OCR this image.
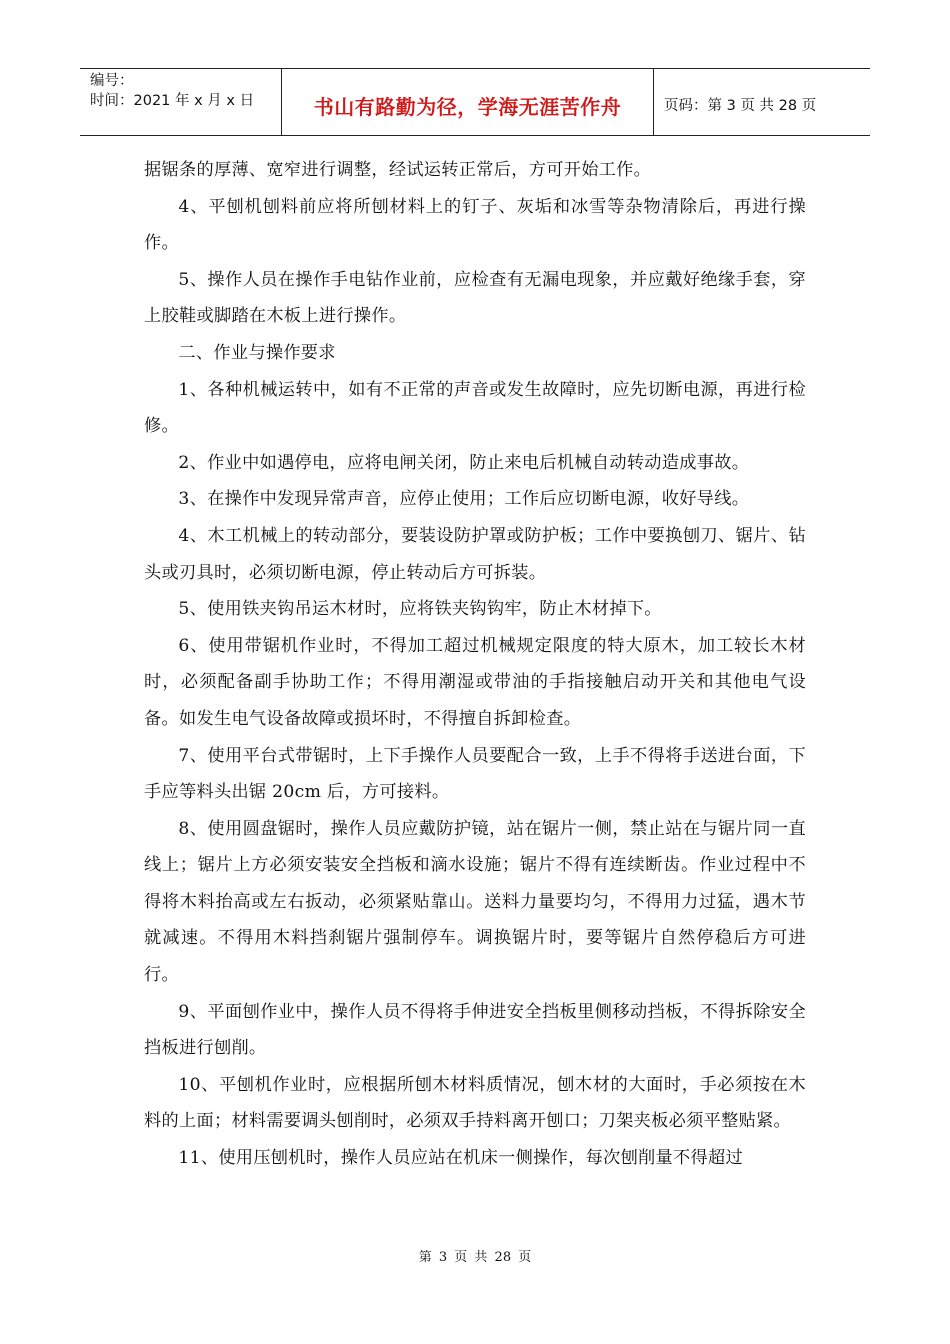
编号：
时间：2021 年 x 月 x 日	书山有路勤为径，学海无涯苦作舟	页码：第 3 页 共 28 页

据锯条的厚薄、宽窄进行调整，经试运转正常后，方可开始工作。

4、平刨机刨料前应将所刨材料上的钉子、灰垢和冰雪等杂物清除后，再进行操作。

5、操作人员在操作手电钻作业前，应检查有无漏电现象，并应戴好绝缘手套，穿上胶鞋或脚踏在木板上进行操作。

二、作业与操作要求

1、各种机械运转中，如有不正常的声音或发生故障时，应先切断电源，再进行检修。

2、作业中如遇停电，应将电闸关闭，防止来电后机械自动转动造成事故。

3、在操作中发现异常声音，应停止使用；工作后应切断电源，收好导线。

4、木工机械上的转动部分，要装设防护罩或防护板；工作中要换刨刀、锯片、钻头或刃具时，必须切断电源，停止转动后方可拆装。

5、使用铁夹钩吊运木材时，应将铁夹钩钩牢，防止木材掉下。

6、使用带锯机作业时，不得加工超过机械规定限度的特大原木，加工较长木材时，必须配备副手协助工作；不得用潮湿或带油的手指接触启动开关和其他电气设备。如发生电气设备故障或损坏时，不得擅自拆卸检查。

7、使用平台式带锯时，上下手操作人员要配合一致，上手不得将手送进台面，下手应等料头出锯 20cm 后，方可接料。

8、使用圆盘锯时，操作人员应戴防护镜，站在锯片一侧，禁止站在与锯片同一直线上；锯片上方必须安装安全挡板和滴水设施；锯片不得有连续断齿。作业过程中不得将木料抬高或左右扳动，必须紧贴靠山。送料力量要均匀，不得用力过猛，遇木节就减速。不得用木料挡刹锯片强制停车。调换锯片时，要等锯片自然停稳后方可进行。

9、平面刨作业中，操作人员不得将手伸进安全挡板里侧移动挡板，不得拆除安全挡板进行刨削。

10、平刨机作业时，应根据所刨木材料质情况，刨木材的大面时，手必须按在木料的上面；材料需要调头刨削时，必须双手持料离开刨口；刀架夹板必须平整贴紧。

11、使用压刨机时，操作人员应站在机床一侧操作，每次刨削量不得超过

第 3 页 共 28 页
